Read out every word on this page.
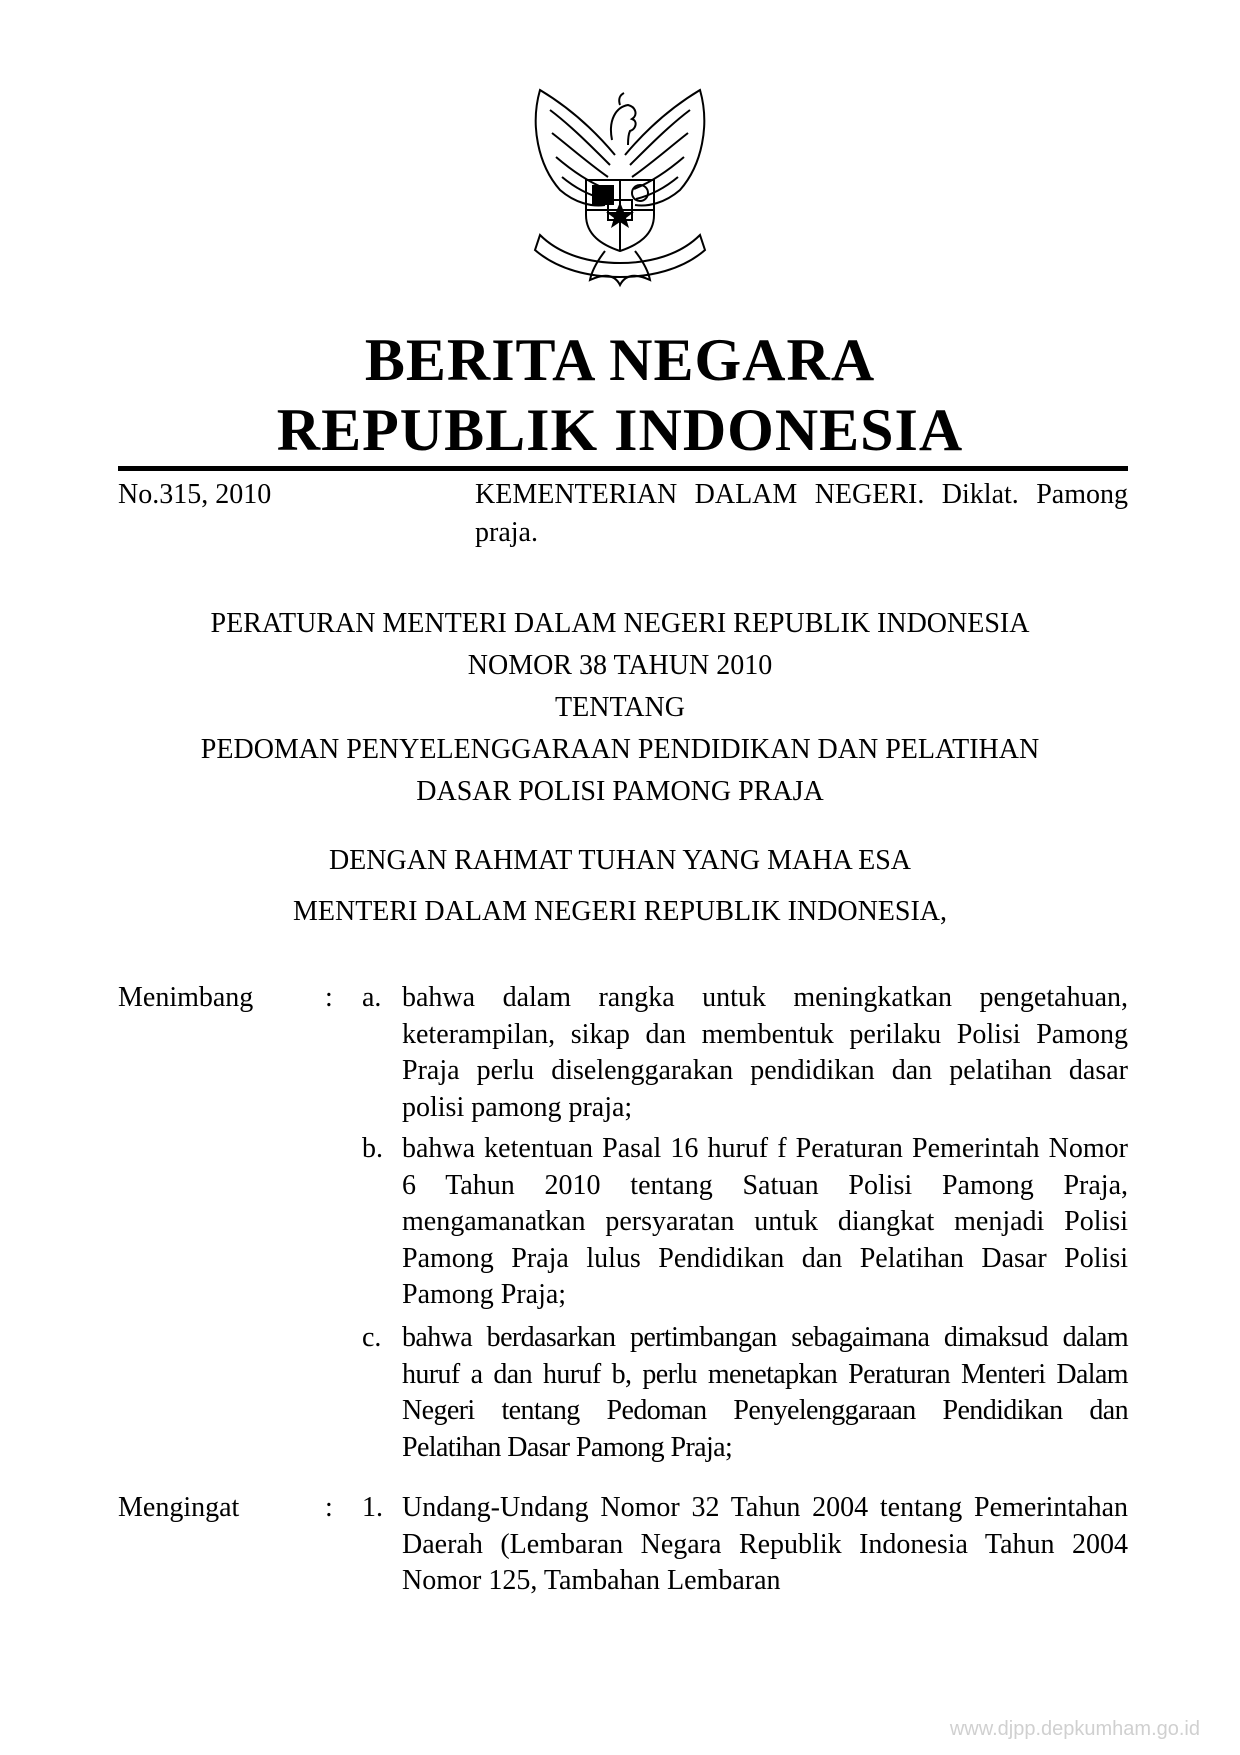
BERITA NEGARA
REPUBLIK INDONESIA
No.315, 2010	KEMENTERIAN DALAM NEGERI. Diklat. Pamong praja.
PERATURAN MENTERI DALAM NEGERI REPUBLIK INDONESIA
NOMOR 38 TAHUN 2010
TENTANG
PEDOMAN PENYELENGGARAAN PENDIDIKAN DAN PELATIHAN
DASAR POLISI PAMONG PRAJA
DENGAN RAHMAT TUHAN YANG MAHA ESA
MENTERI DALAM NEGERI REPUBLIK INDONESIA,
Menimbang	: a. bahwa dalam rangka untuk meningkatkan pengetahuan, keterampilan, sikap dan membentuk perilaku Polisi Pamong Praja perlu diselenggarakan pendidikan dan pelatihan dasar polisi pamong praja;
b. bahwa ketentuan Pasal 16 huruf f Peraturan Pemerintah Nomor 6 Tahun 2010 tentang Satuan Polisi Pamong Praja, mengamanatkan persyaratan untuk diangkat menjadi Polisi Pamong Praja lulus Pendidikan dan Pelatihan Dasar Polisi Pamong Praja;
c. bahwa berdasarkan pertimbangan sebagaimana dimaksud dalam huruf a dan huruf b, perlu menetapkan Peraturan Menteri Dalam Negeri tentang Pedoman Penyelenggaraan Pendidikan dan Pelatihan Dasar Pamong Praja;
Mengingat	: 1. Undang-Undang Nomor 32 Tahun 2004 tentang Pemerintahan Daerah (Lembaran Negara Republik Indonesia Tahun 2004 Nomor 125, Tambahan Lembaran
www.djpp.depkumham.go.id
